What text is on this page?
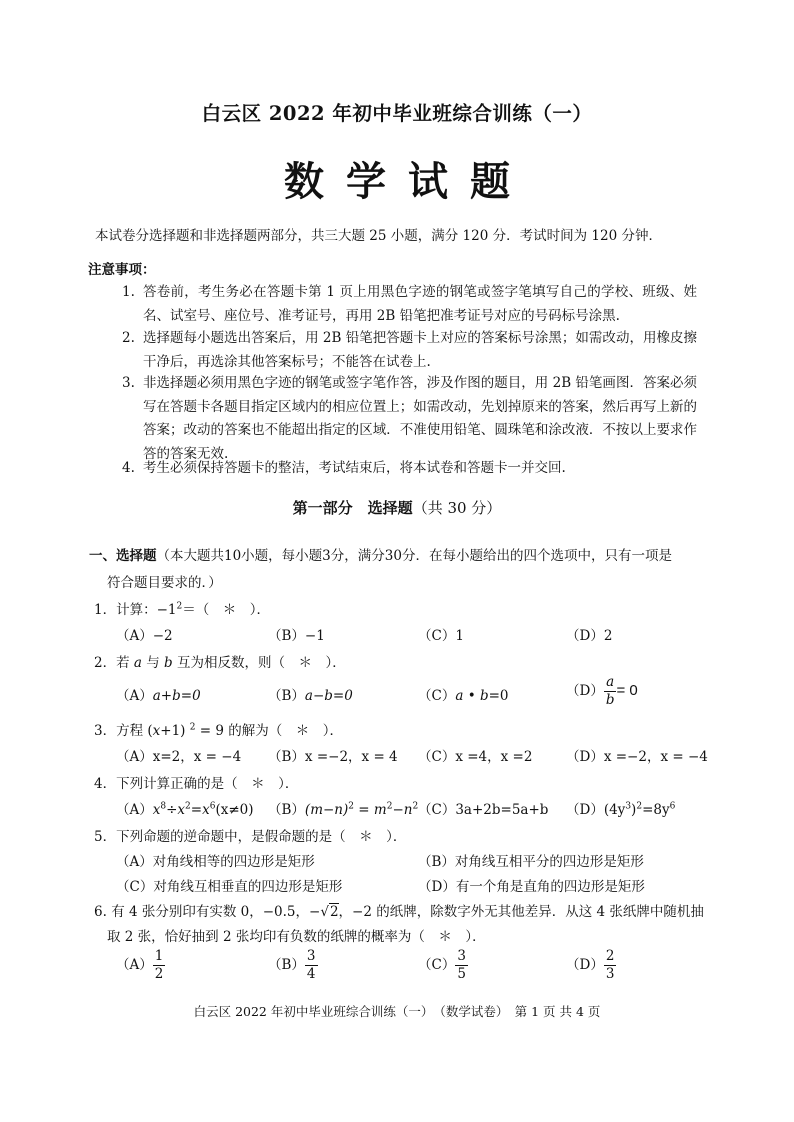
白云区 2022 年初中毕业班综合训练（一）
数学试题
本试卷分选择题和非选择题两部分，共三大题 25 小题，满分 120 分．考试时间为 120 分钟．
注意事项：
1. 答卷前，考生务必在答题卡第 1 页上用黑色字迹的钢笔或签字笔填写自己的学校、班级、姓名、试室号、座位号、准考证号，再用 2B 铅笔把准考证号对应的号码标号涂黑.
2. 选择题每小题选出答案后，用 2B 铅笔把答题卡上对应的答案标号涂黑；如需改动，用橡皮擦干净后，再选涂其他答案标号；不能答在试卷上.
3. 非选择题必须用黑色字迹的钢笔或签字笔作答，涉及作图的题目，用 2B 铅笔画图．答案必须写在答题卡各题目指定区域内的相应位置上；如需改动，先划掉原来的答案，然后再写上新的答案；改动的答案也不能超出指定的区域．不准使用铅笔、圆珠笔和涂改液．不按以上要求作答的答案无效.
4. 考生必须保持答题卡的整洁，考试结束后，将本试卷和答题卡一并交回.
第一部分　选择题（共 30 分）
一、选择题（本大题共10小题，每小题3分，满分30分．在每小题给出的四个选项中，只有一项是
符合题目要求的．）
1．计算：$-1^2=$（　＊　）．
（A）−2	（B）−1	（C）1	（D）2
2．若 a 与 b 互为相反数，则（　＊　）．
（A）a+b=0	（B）a−b=0	（C）a • b=0	$(D) \frac{a}{b} = 0$
3．方程 (x+1) $^2$ = 9 的解为（　＊　）．
（A）x=2，x = −4 （B）x =−2，x = 4 （C）x =4，x =2 （D）x =−2，x = −4
4．下列计算正确的是（　＊　）．
$(A)x^8\div x^2=x^6(x\ne 0) (B)(m-n)^2 = m^2-n^2$ （C）3a+2b=5a+b $(D)(4y^3)^2=8y^6$
5．下列命题的逆命题中，是假命题的是（　＊　）．
（A）对角线相等的四边形是矩形	（B）对角线互相平分的四边形是矩形
（C）对角线互相垂直的四边形是矩形	（D）有一个角是直角的四边形是矩形
6. 有 4 张分别印有实数 0，−0.5，−√2，−2 的纸牌，除数字外无其他差异．从这 4 张纸牌中随机抽
取 2 张，恰好抽到 2 张均印有负数的纸牌的概率为（　＊　）．
$(A) \frac{1}{2}$	$(B) \frac{3}{4}$	$(C) \frac{3}{5}$	$(D) \frac{2}{3}$
白云区 2022 年初中毕业班综合训练（一）　（数学试卷）　第 1 页 共 4 页
